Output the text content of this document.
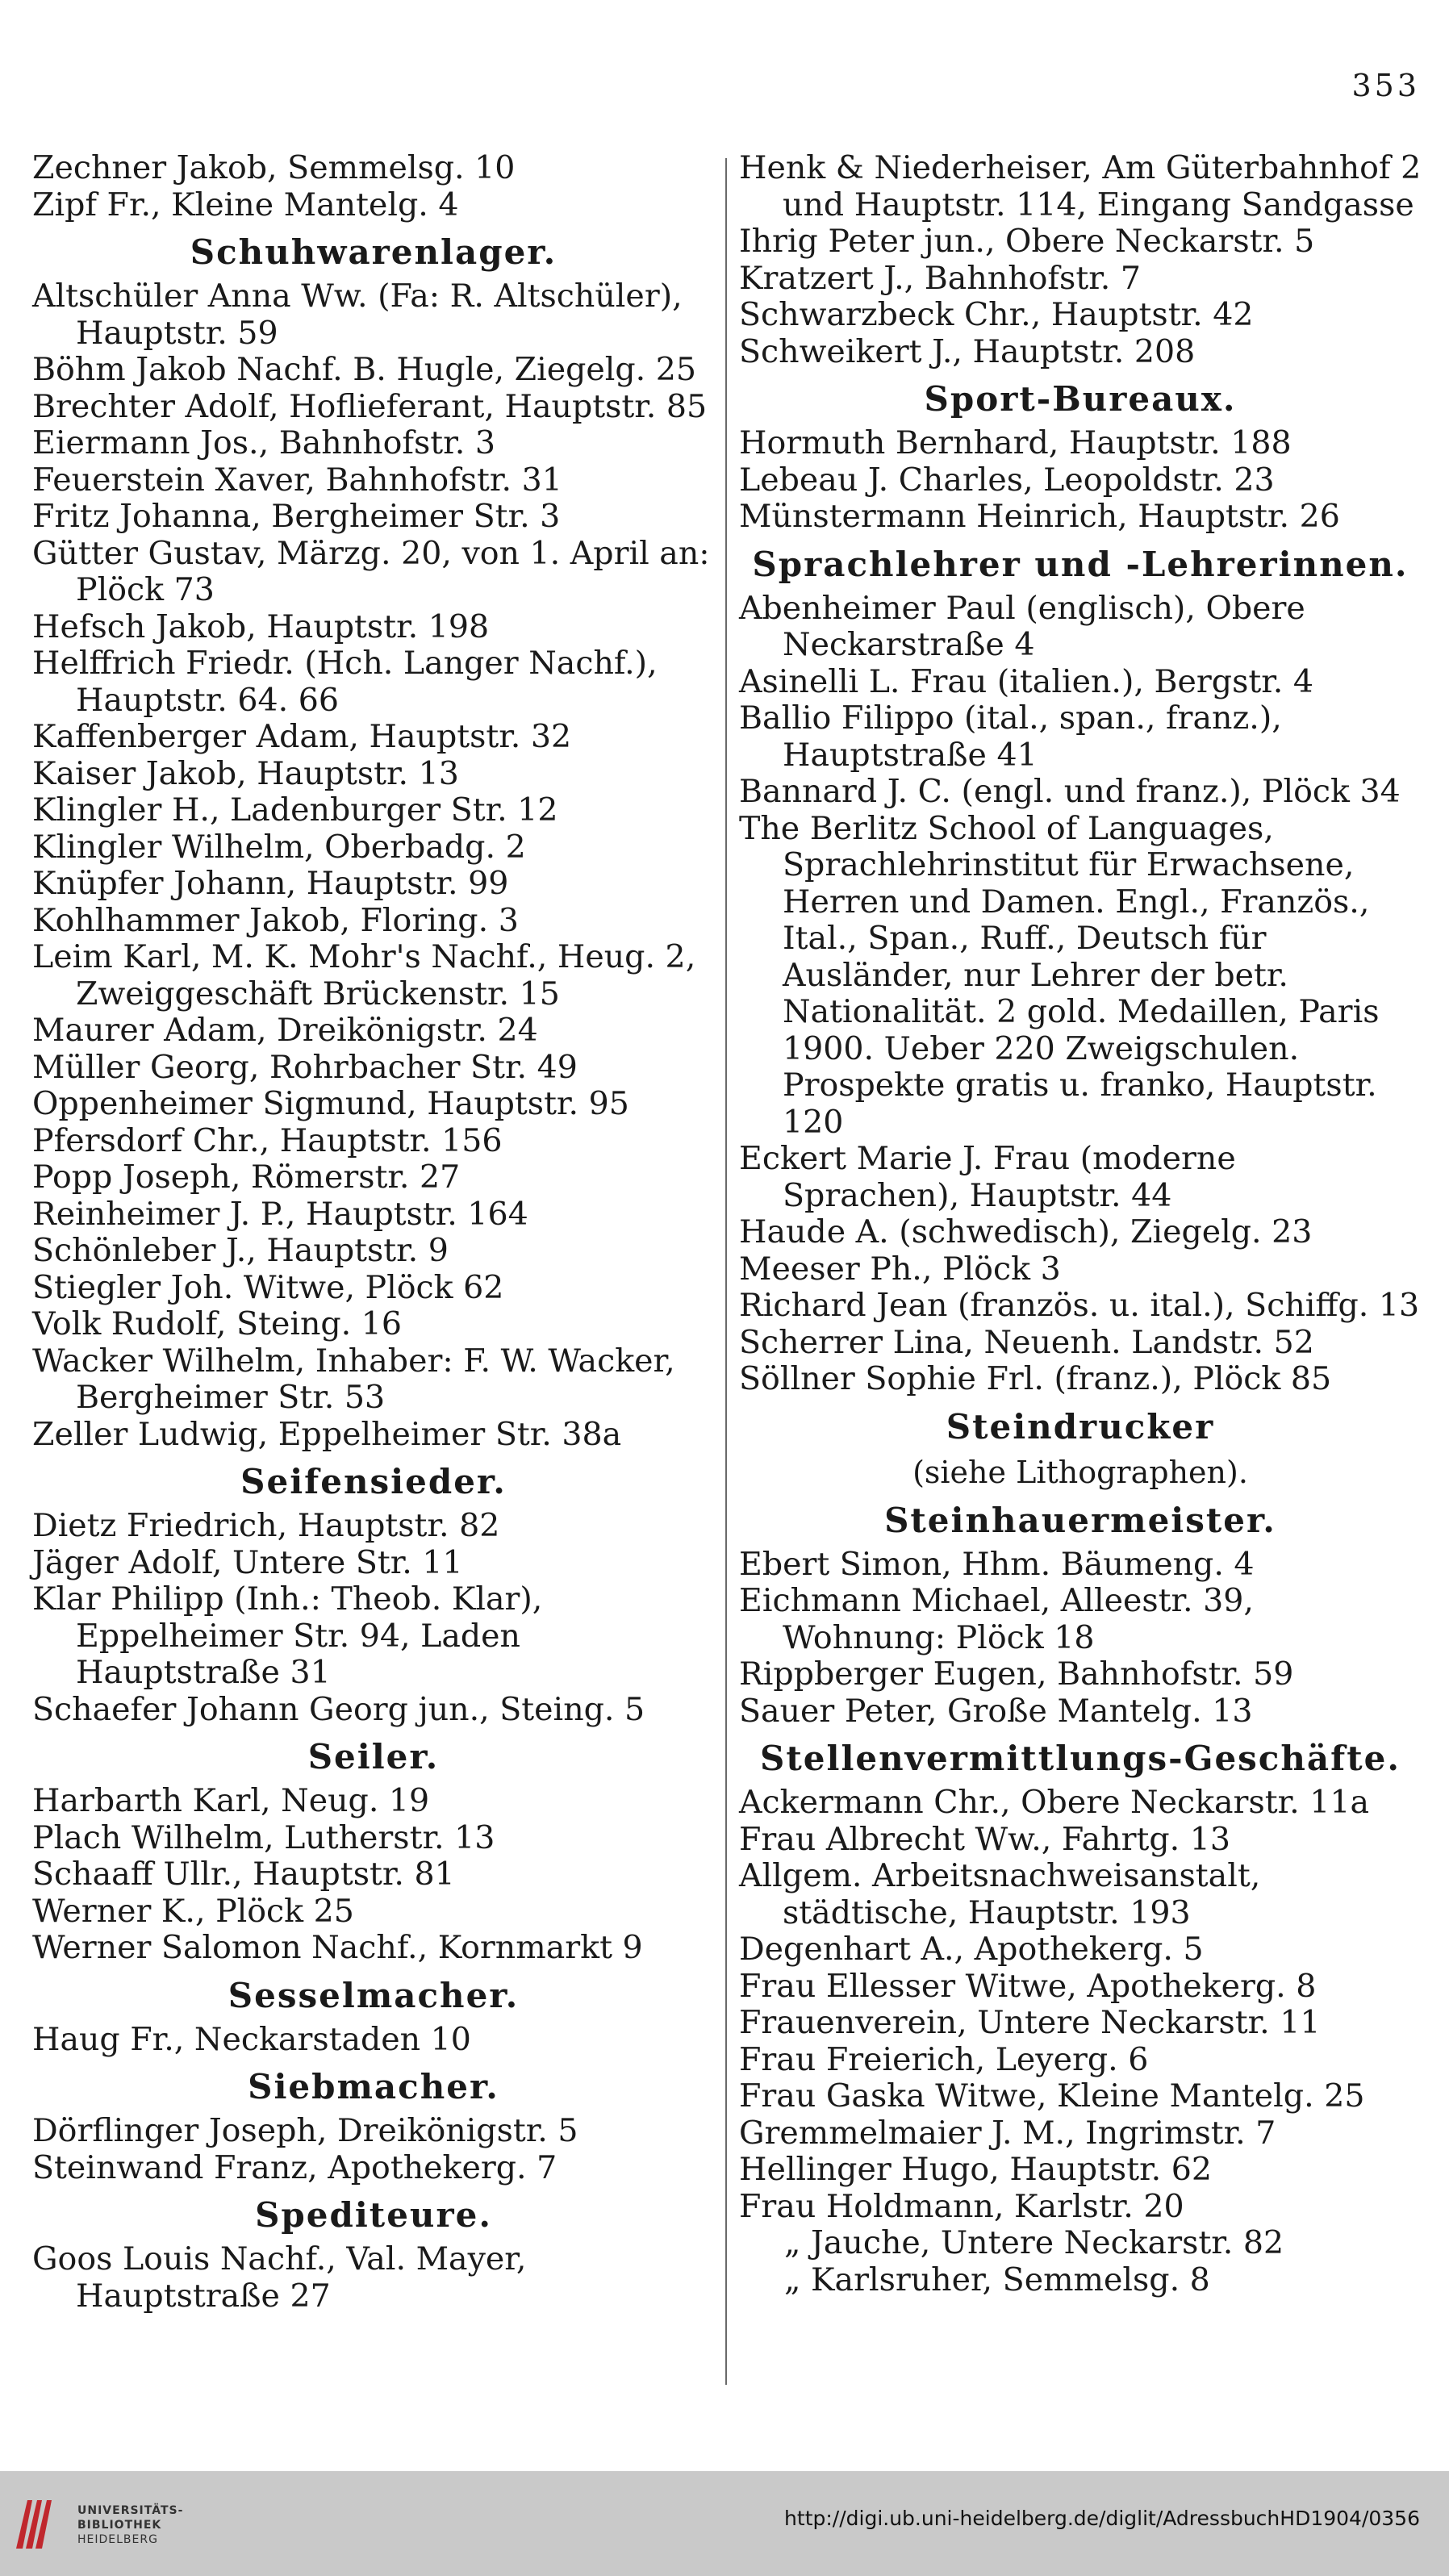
353
Zechner Jakob, Semmelsg. 10
Zipf Fr., Kleine Mantelg. 4
Schuhwarenlager.
Altschüler Anna Ww. (Fa: R. Altschüler), Hauptstr. 59
Böhm Jakob Nachf. B. Hugle, Ziegelg. 25
Brechter Adolf, Hoflieferant, Hauptstr. 85
Eiermann Jos., Bahnhofstr. 3
Feuerstein Xaver, Bahnhofstr. 31
Fritz Johanna, Bergheimer Str. 3
Gütter Gustav, Märzg. 20, von 1. April an: Plöck 73
Hefsch Jakob, Hauptstr. 198
Helffrich Friedr. (Hch. Langer Nachf.), Hauptstr. 64. 66
Kaffenberger Adam, Hauptstr. 32
Kaiser Jakob, Hauptstr. 13
Klingler H., Ladenburger Str. 12
Klingler Wilhelm, Oberbadg. 2
Knüpfer Johann, Hauptstr. 99
Kohlhammer Jakob, Floring. 3
Leim Karl, M. K. Mohr's Nachf., Heug. 2, Zweiggeschäft Brückenstr. 15
Maurer Adam, Dreikönigstr. 24
Müller Georg, Rohrbacher Str. 49
Oppenheimer Sigmund, Hauptstr. 95
Pfersdorf Chr., Hauptstr. 156
Popp Joseph, Römerstr. 27
Reinheimer J. P., Hauptstr. 164
Schönleber J., Hauptstr. 9
Stiegler Joh. Witwe, Plöck 62
Volk Rudolf, Steing. 16
Wacker Wilhelm, Inhaber: F. W. Wacker, Bergheimer Str. 53
Zeller Ludwig, Eppelheimer Str. 38a
Seifensieder.
Dietz Friedrich, Hauptstr. 82
Jäger Adolf, Untere Str. 11
Klar Philipp (Inh.: Theob. Klar), Eppelheimer Str. 94, Laden Hauptstraße 31
Schaefer Johann Georg jun., Steing. 5
Seiler.
Harbarth Karl, Neug. 19
Plach Wilhelm, Lutherstr. 13
Schaaff Ullr., Hauptstr. 81
Werner K., Plöck 25
Werner Salomon Nachf., Kornmarkt 9
Sesselmacher.
Haug Fr., Neckarstaden 10
Siebmacher.
Dörflinger Joseph, Dreikönigstr. 5
Steinwand Franz, Apothekerg. 7
Spediteure.
Goos Louis Nachf., Val. Mayer, Hauptstraße 27
Henk & Niederheiser, Am Güterbahnhof 2 und Hauptstr. 114, Eingang Sandgasse
Ihrig Peter jun., Obere Neckarstr. 5
Kratzert J., Bahnhofstr. 7
Schwarzbeck Chr., Hauptstr. 42
Schweikert J., Hauptstr. 208
Sport-Bureaux.
Hormuth Bernhard, Hauptstr. 188
Lebeau J. Charles, Leopoldstr. 23
Münstermann Heinrich, Hauptstr. 26
Sprachlehrer und -Lehrerinnen.
Abenheimer Paul (englisch), Obere Neckarstraße 4
Asinelli L. Frau (italien.), Bergstr. 4
Ballio Filippo (ital., span., franz.), Hauptstraße 41
Bannard J. C. (engl. und franz.), Plöck 34
The Berlitz School of Languages, Sprachlehrinstitut für Erwachsene, Herren und Damen. Engl., Französ., Ital., Span., Ruff., Deutsch für Ausländer, nur Lehrer der betr. Nationalität. 2 gold. Medaillen, Paris 1900. Ueber 220 Zweigschulen. Prospekte gratis u. franko, Hauptstr. 120
Eckert Marie J. Frau (moderne Sprachen), Hauptstr. 44
Haude A. (schwedisch), Ziegelg. 23
Meeser Ph., Plöck 3
Richard Jean (französ. u. ital.), Schiffg. 13
Scherrer Lina, Neuenh. Landstr. 52
Söllner Sophie Frl. (franz.), Plöck 85
Steindrucker
(siehe Lithographen).
Steinhauermeister.
Ebert Simon, Hhm. Bäumeng. 4
Eichmann Michael, Alleestr. 39, Wohnung: Plöck 18
Rippberger Eugen, Bahnhofstr. 59
Sauer Peter, Große Mantelg. 13
Stellenvermittlungs-Geschäfte.
Ackermann Chr., Obere Neckarstr. 11a
Frau Albrecht Ww., Fahrtg. 13
Allgem. Arbeitsnachweisanstalt, städtische, Hauptstr. 193
Degenhart A., Apothekerg. 5
Frau Ellesser Witwe, Apothekerg. 8
Frauenverein, Untere Neckarstr. 11
Frau Freierich, Leyerg. 6
Frau Gaska Witwe, Kleine Mantelg. 25
Gremmelmaier J. M., Ingrimstr. 7
Hellinger Hugo, Hauptstr. 62
Frau Holdmann, Karlstr. 20
„ Jauche, Untere Neckarstr. 82
„ Karlsruher, Semmelsg. 8
UNIVERSITÄTS-
BIBLIOTHEK
HEIDELBERG
http://digi.ub.uni-heidelberg.de/diglit/AdressbuchHD1904/0356
